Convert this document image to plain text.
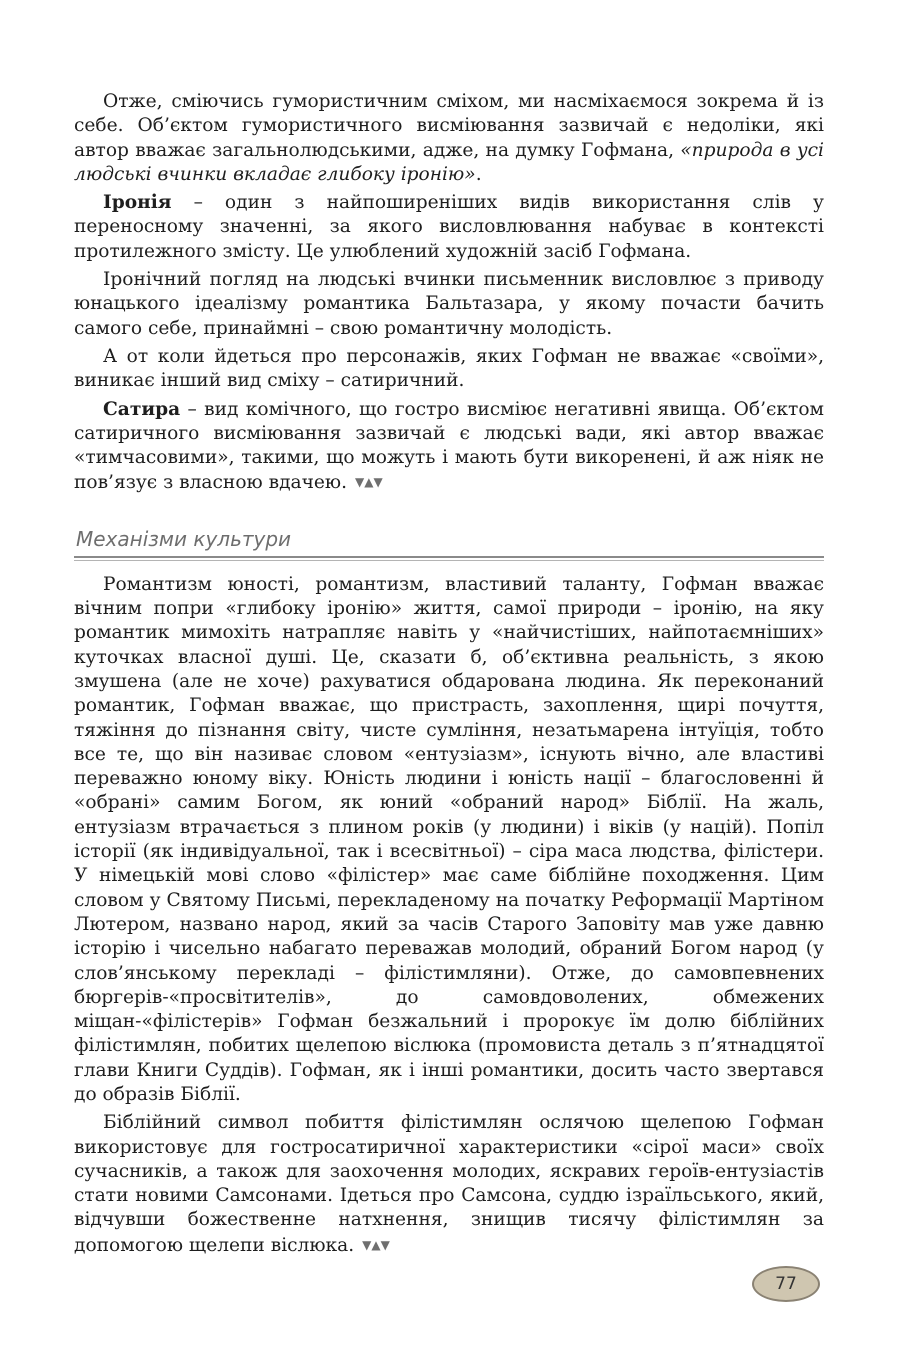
Отже, сміючись гумористичним сміхом, ми насміхаємося зокрема й із себе. Об’єктом гумористичного висміювання зазвичай є недоліки, які автор вважає загальнолюдськими, адже, на думку Гофмана, «природа в усі людські вчинки вкладає глибоку іронію».

Іронія – один з найпоширеніших видів використання слів у переносному значенні, за якого висловлювання набуває в контексті протилежного змісту. Це улюблений художній засіб Гофмана.

Іронічний погляд на людські вчинки письменник висловлює з приводу юнацького ідеалізму романтика Бальтазара, у якому почасти бачить самого себе, принаймні – свою романтичну молодість.

А от коли йдеться про персонажів, яких Гофман не вважає «своїми», виникає інший вид сміху – сатиричний.

Сатира – вид комічного, що гостро висміює негативні явища. Об’єктом сатиричного висміювання зазвичай є людські вади, які автор вважає «тимчасовими», такими, що можуть і мають бути викоренені, й аж ніяк не пов’язує з власною вдачею. ▼▲▼

Механізми культури

Романтизм юності, романтизм, властивий таланту, Гофман вважає вічним попри «глибоку іронію» життя, самої природи – іронію, на яку романтик мимохіть натрапляє навіть у «найчистіших, найпотаємніших» куточках власної душі. Це, сказати б, об’єктивна реальність, з якою змушена (але не хоче) рахуватися обдарована людина. Як переконаний романтик, Гофман вважає, що пристрасть, захоплення, щирі почуття, тяжіння до пізнання світу, чисте сумління, незатьмарена інтуїція, тобто все те, що він називає словом «ентузіазм», існують вічно, але властиві переважно юному віку. Юність людини і юність нації – благословенні й «обрані» самим Богом, як юний «обраний народ» Біблії. На жаль, ентузіазм втрачається з плином років (у людини) і віків (у націй). Попіл історії (як індивідуальної, так і всесвітньої) – сіра маса людства, філістери. У німецькій мові слово «філістер» має саме біблійне походження. Цим словом у Святому Письмі, перекладеному на початку Реформації Мартіном Лютером, названо народ, який за часів Старого Заповіту мав уже давню історію і чисельно набагато переважав молодий, обраний Богом народ (у слов’янському перекладі – філістимляни). Отже, до самовпевнених бюргерів-«просвітителів», до самовдоволених, обмежених міщан-«філістерів» Гофман безжальний і пророкує їм долю біблійних філістимлян, побитих щелепою віслюка (промовиста деталь з п’ятнадцятої глави Книги Суддів). Гофман, як і інші романтики, досить часто звертався до образів Біблії.

Біблійний символ побиття філістимлян ослячою щелепою Гофман використовує для гостросатиричної характеристики «сірої маси» своїх сучасників, а також для заохочення молодих, яскравих героїв-ентузіастів стати новими Самсонами. Ідеться про Самсона, суддю ізраїльського, який, відчувши божественне натхнення, знищив тисячу філістимлян за допомогою щелепи віслюка. ▼▲▼

77
